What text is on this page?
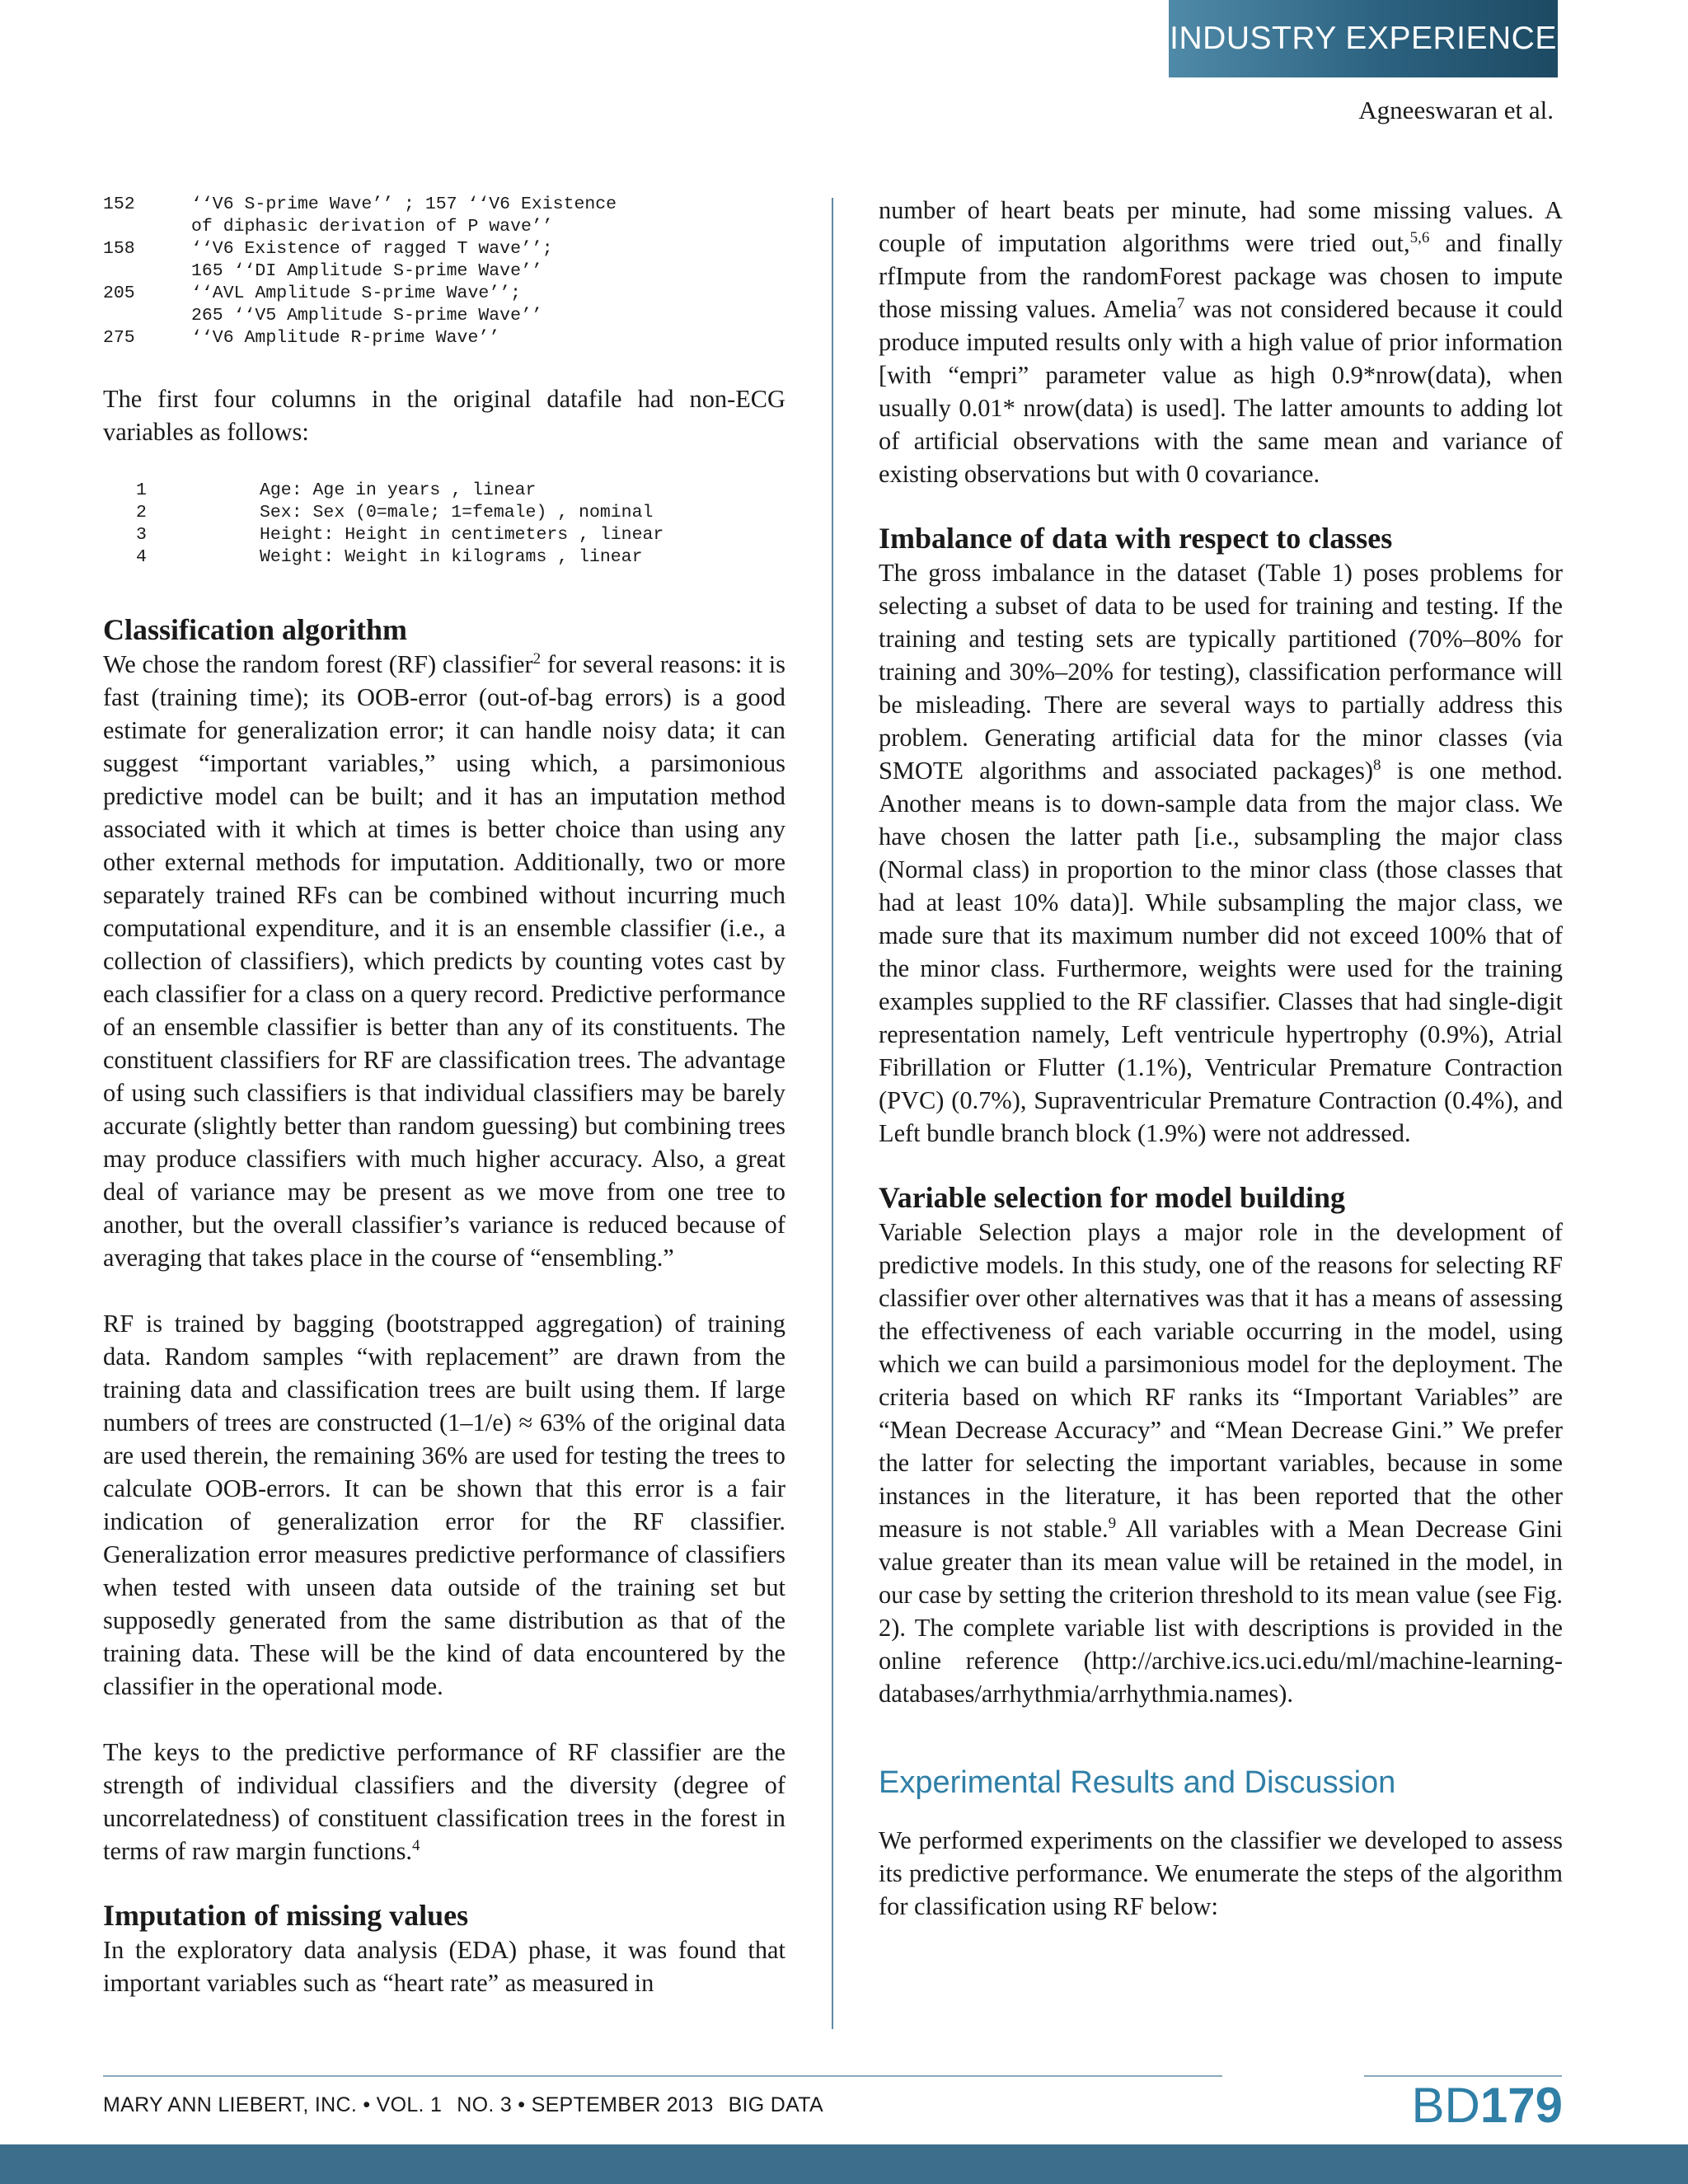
INDUSTRY EXPERIENCE
Agneeswaran et al.
152	‘‘V6 S-prime Wave’’ ; 157 ‘‘V6 Existence
of diphasic derivation of P wave’’
158	‘‘V6 Existence of ragged T wave’’;
165 ‘‘DI Amplitude S-prime Wave’’
205	‘‘AVL Amplitude S-prime Wave’’;
265 ‘‘V5 Amplitude S-prime Wave’’
275	‘‘V6 Amplitude R-prime Wave’’

The first four columns in the original datafile had non-ECG variables as follows:

1	Age: Age in years , linear
2	Sex: Sex (0=male; 1=female) , nominal
3	Height: Height in centimeters , linear
4	Weight: Weight in kilograms , linear
Classification algorithm

We chose the random forest (RF) classifier$^2$ for several reasons: it is fast (training time); its OOB-error (out-of-bag errors) is a good estimate for generalization error; it can handle noisy data; it can suggest “important variables,” using which, a parsimonious predictive model can be built; and it has an imputation method associated with it which at times is better choice than using any other external methods for imputation. Additionally, two or more separately trained RFs can be combined without incurring much computational expenditure, and it is an ensemble classifier (i.e., a collection of classifiers), which predicts by counting votes cast by each classifier for a class on a query record. Predictive performance of an ensemble classifier is better than any of its constituents. The constituent classifiers for RF are classification trees. The advantage of using such classifiers is that individual classifiers may be barely accurate (slightly better than random guessing) but combining trees may produce classifiers with much higher accuracy. Also, a great deal of variance may be present as we move from one tree to another, but the overall classifier’s variance is reduced because of averaging that takes place in the course of “ensembling.”

RF is trained by bagging (bootstrapped aggregation) of training data. Random samples “with replacement” are drawn from the training data and classification trees are built using them. If large numbers of trees are constructed (1–1/e) ≈ 63% of the original data are used therein, the remaining 36% are used for testing the trees to calculate OOB-errors. It can be shown that this error is a fair indication of generalization error for the RF classifier. Generalization error measures predictive performance of classifiers when tested with unseen data outside of the training set but supposedly generated from the same distribution as that of the training data. These will be the kind of data encountered by the classifier in the operational mode.

The keys to the predictive performance of RF classifier are the strength of individual classifiers and the diversity (degree of uncorrelatedness) of constituent classification trees in the forest in terms of raw margin functions.$^4$

Imputation of missing values

In the exploratory data analysis (EDA) phase, it was found that important variables such as “heart rate” as measured in

number of heart beats per minute, had some missing values. A couple of imputation algorithms were tried out,$^{5,6}$ and finally rfImpute from the randomForest package was chosen to impute those missing values. Amelia$^7$ was not considered because it could produce imputed results only with a high value of prior information [with “empri” parameter value as high 0.9*nrow(data), when usually 0.01* nrow(data) is used]. The latter amounts to adding lot of artificial observations with the same mean and variance of existing observations but with 0 covariance.

Imbalance of data with respect to classes

The gross imbalance in the dataset (Table 1) poses problems for selecting a subset of data to be used for training and testing. If the training and testing sets are typically partitioned (70%–80% for training and 30%–20% for testing), classification performance will be misleading. There are several ways to partially address this problem. Generating artificial data for the minor classes (via SMOTE algorithms and associated packages)$^8$ is one method. Another means is to down-sample data from the major class. We have chosen the latter path [i.e., subsampling the major class (Normal class) in proportion to the minor class (those classes that had at least 10% data)]. While subsampling the major class, we made sure that its maximum number did not exceed 100% that of the minor class. Furthermore, weights were used for the training examples supplied to the RF classifier. Classes that had single-digit representation namely, Left ventricule hypertrophy (0.9%), Atrial Fibrillation or Flutter (1.1%), Ventricular Premature Contraction (PVC) (0.7%), Supraventricular Premature Contraction (0.4%), and Left bundle branch block (1.9%) were not addressed.

Variable selection for model building

Variable Selection plays a major role in the development of predictive models. In this study, one of the reasons for selecting RF classifier over other alternatives was that it has a means of assessing the effectiveness of each variable occurring in the model, using which we can build a parsimonious model for the deployment. The criteria based on which RF ranks its “Important Variables” are “Mean Decrease Accuracy” and “Mean Decrease Gini.” We prefer the latter for selecting the important variables, because in some instances in the literature, it has been reported that the other measure is not stable.$^9$ All variables with a Mean Decrease Gini value greater than its mean value will be retained in the model, in our case by setting the criterion threshold to its mean value (see Fig. 2). The complete variable list with descriptions is provided in the online reference (http://archive.ics.uci.edu/ml/machine-learning-databases/arrhythmia/arrhythmia.names).

Experimental Results and Discussion

We performed experiments on the classifier we developed to assess its predictive performance. We enumerate the steps of the algorithm for classification using RF below:

MARY ANN LIEBERT, INC. • VOL. 1 NO. 3 • SEPTEMBER 2013 BIG DATA	BD179
